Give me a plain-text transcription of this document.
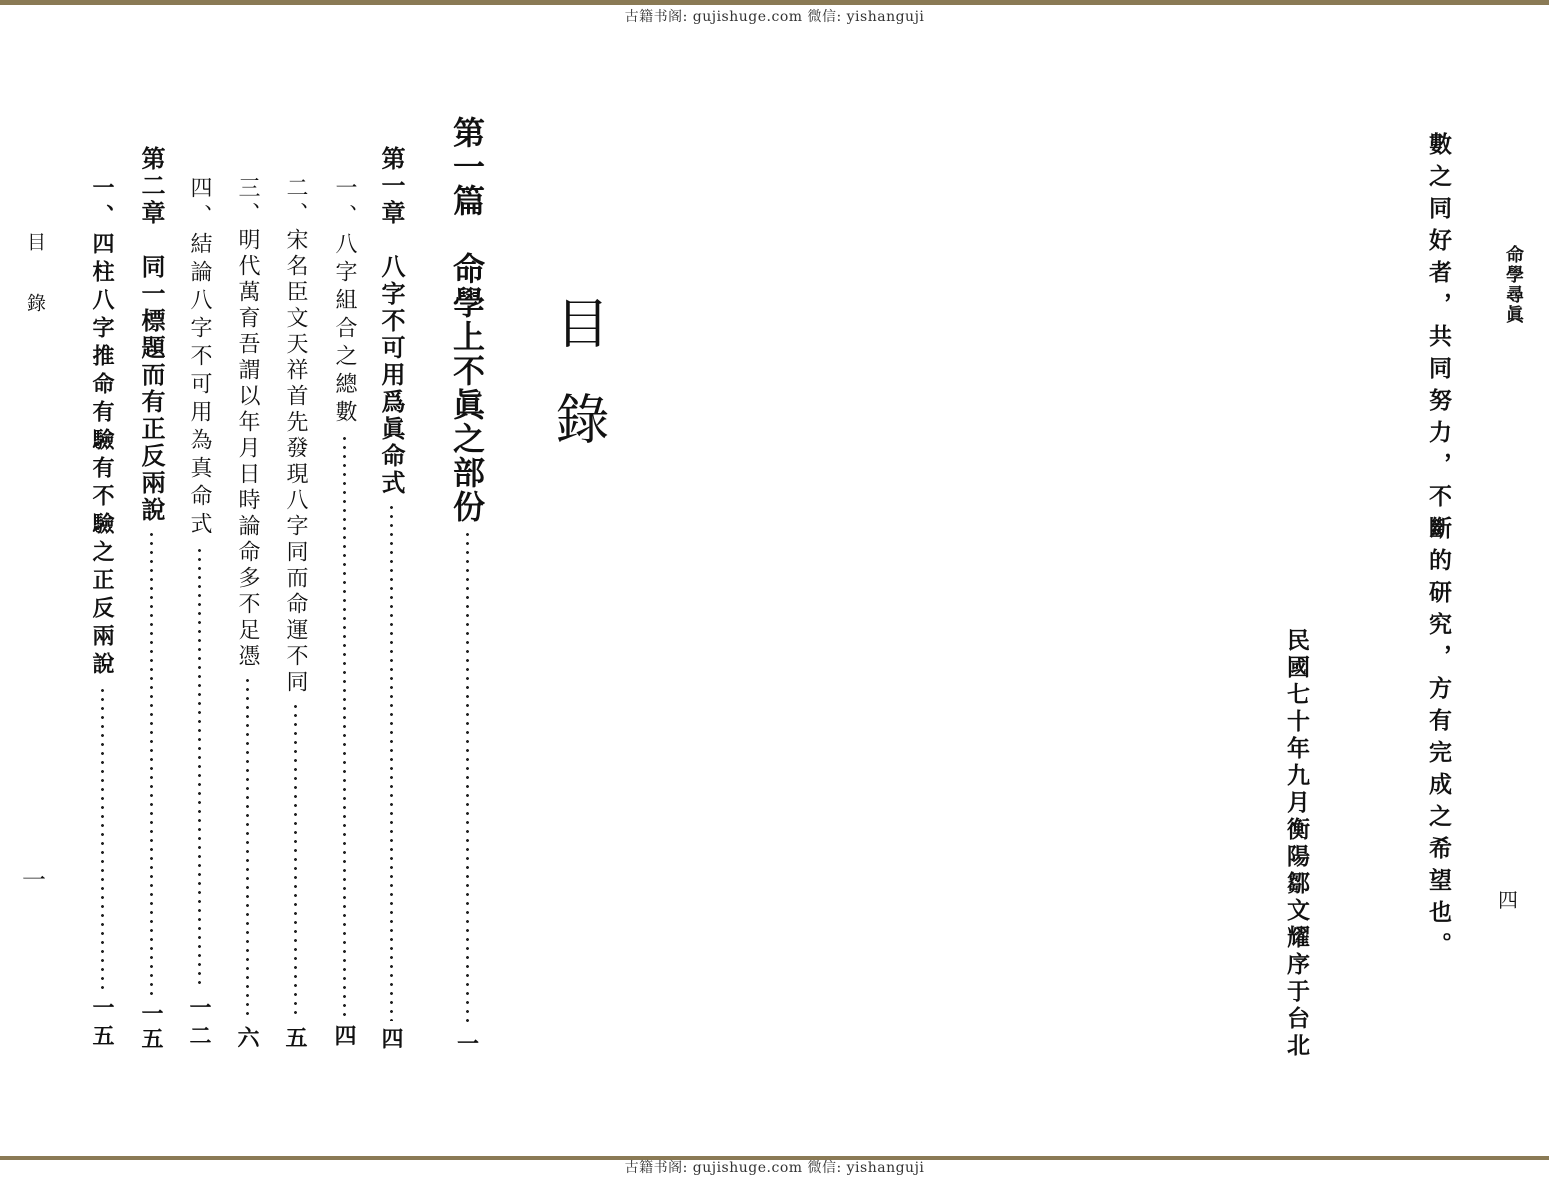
古籍书阁: gujishuge.com 微信: yishanguji
命學尋眞
四
數之同好者，共同努力，不斷的研究，方有完成之希望也。
民國七十年九月衡陽鄒文耀序于台北
目錄
第一篇　命學上不眞之部份
一
第一章　八字不可用爲眞命式
四
一、八字組合之總數
四
二、宋名臣文天祥首先發現八字同而命運不同
五
三、明代萬育吾謂以年月日時論命多不足憑
六
四、結論八字不可用為真命式
一二
第二章　同一標題而有正反兩說
一五
一、四柱八字推命有驗有不驗之正反兩說
一五
目錄
一
古籍书阁: gujishuge.com 微信: yishanguji
